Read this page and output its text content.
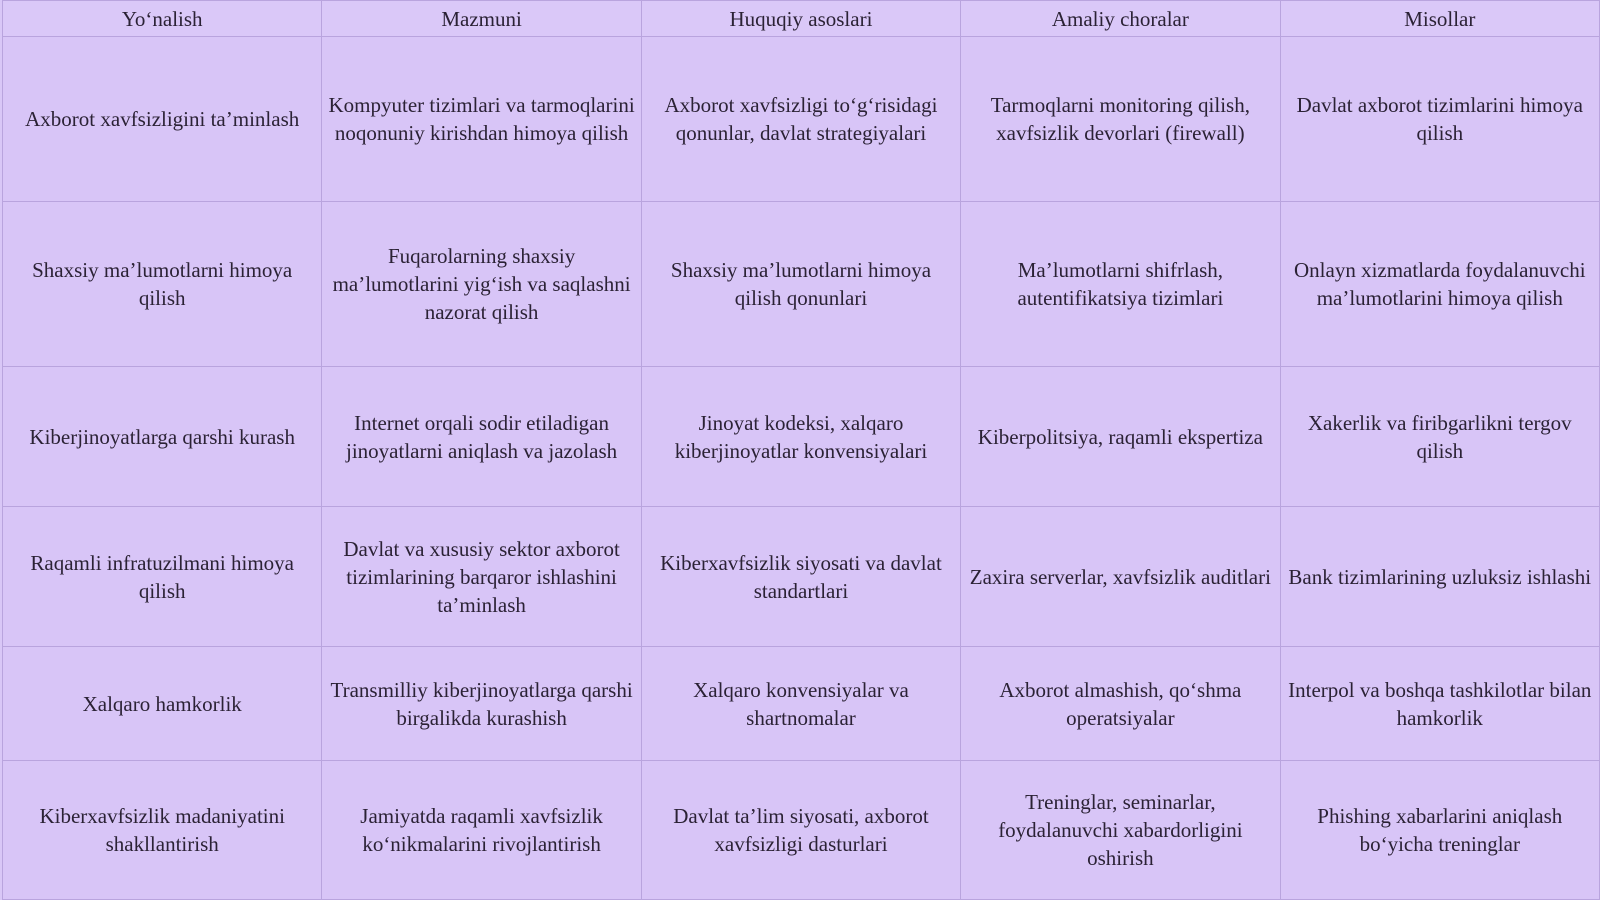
Yo‘nalish	Mazmuni	Huquqiy asoslari	Amaliy choralar	Misollar
Axborot xavfsizligini ta’minlash	Kompyuter tizimlari va tarmoqlarini noqonuniy kirishdan himoya qilish	Axborot xavfsizligi to‘g‘risidagi qonunlar, davlat strategiyalari	Tarmoqlarni monitoring qilish, xavfsizlik devorlari (firewall)	Davlat axborot tizimlarini himoya qilish
Shaxsiy ma’lumotlarni himoya qilish	Fuqarolarning shaxsiy ma’lumotlarini yig‘ish va saqlashni nazorat qilish	Shaxsiy ma’lumotlarni himoya qilish qonunlari	Ma’lumotlarni shifrlash, autentifikatsiya tizimlari	Onlayn xizmatlarda foydalanuvchi ma’lumotlarini himoya qilish
Kiberjinoyatlarga qarshi kurash	Internet orqali sodir etiladigan jinoyatlarni aniqlash va jazolash	Jinoyat kodeksi, xalqaro kiberjinoyatlar konvensiyalari	Kiberpolitsiya, raqamli ekspertiza	Xakerlik va firibgarlikni tergov qilish
Raqamli infratuzilmani himoya qilish	Davlat va xususiy sektor axborot tizimlarining barqaror ishlashini ta’minlash	Kiberxavfsizlik siyosati va davlat standartlari	Zaxira serverlar, xavfsizlik auditlari	Bank tizimlarining uzluksiz ishlashi
Xalqaro hamkorlik	Transmilliy kiberjinoyatlarga qarshi birgalikda kurashish	Xalqaro konvensiyalar va shartnomalar	Axborot almashish, qo‘shma operatsiyalar	Interpol va boshqa tashkilotlar bilan hamkorlik
Kiberxavfsizlik madaniyatini shakllantirish	Jamiyatda raqamli xavfsizlik ko‘nikmalarini rivojlantirish	Davlat ta’lim siyosati, axborot xavfsizligi dasturlari	Treninglar, seminarlar, foydalanuvchi xabardorligini oshirish	Phishing xabarlarini aniqlash bo‘yicha treninglar
